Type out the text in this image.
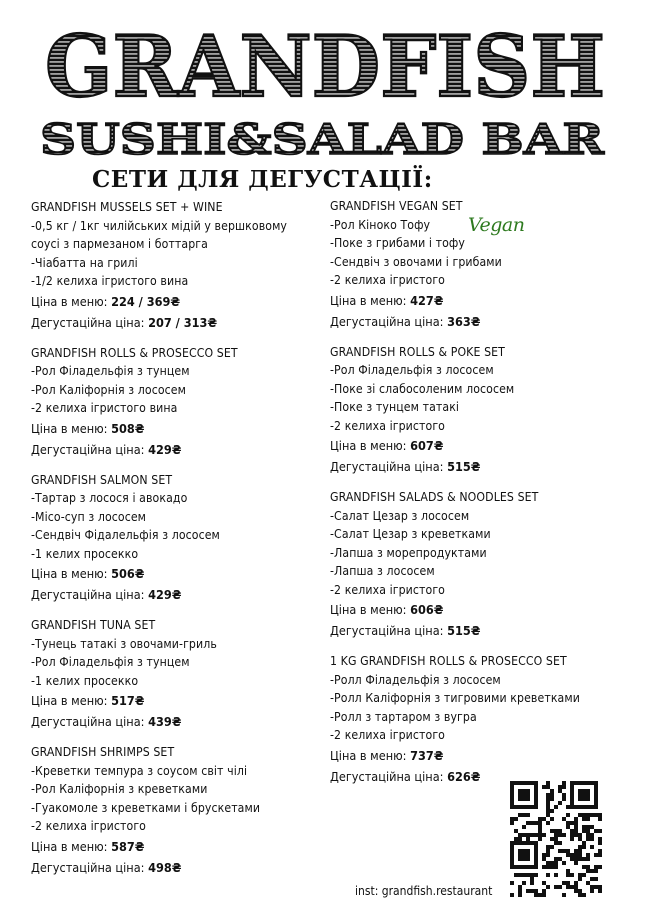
GRANDFISH
SUSHI&SALAD BAR
СЕТИ ДЛЯ ДЕГУСТАЦІЇ:
GRANDFISH MUSSELS SET + WINE
-0,5 кг / 1кг чилійських мідій у вершковому
соусі з пармезаном і боттарга
-Чіабатта на грилі
-1/2 келиха ігристого вина
Ціна в меню: 224 / 369₴
Дегустаційна ціна: 207 / 313₴
GRANDFISH ROLLS & PROSECCO SET
-Рол Філадельфія з тунцем
-Рол Каліфорнія з лососем
-2 келиха ігристого вина
Ціна в меню: 508₴
Дегустаційна ціна: 429₴
GRANDFISH SALMON SET
-Тартар з лосося і авокадо
-Місо-суп з лососем
-Сендвіч Фідалельфія з лососем
-1 келих просекко
Ціна в меню: 506₴
Дегустаційна ціна: 429₴
GRANDFISH TUNA SET
-Тунець татакі з овочами-гриль
-Рол Філадельфія з тунцем
-1 келих просекко
Ціна в меню: 517₴
Дегустаційна ціна: 439₴
GRANDFISH SHRIMPS SET
-Креветки темпура з соусом світ чілі
-Рол Каліфорнія з креветками
-Гуакомоле з креветками і брускетами
-2 келиха ігристого
Ціна в меню: 587₴
Дегустаційна ціна: 498₴
GRANDFISH VEGAN SET
-Рол Кіноко Тофу
-Поке з грибами і тофу
-Сендвіч з овочами і грибами
-2 келиха ігристого
Ціна в меню: 427₴
Дегустаційна ціна: 363₴
GRANDFISH ROLLS & POKE SET
-Рол Філадельфія з лососем
-Поке зі слабосоленим лососем
-Поке з тунцем татакі
-2 келиха ігристого
Ціна в меню: 607₴
Дегустаційна ціна: 515₴
GRANDFISH SALADS & NOODLES SET
-Салат Цезар з лососем
-Салат Цезар з креветками
-Лапша з морепродуктами
-Лапша з лососем
-2 келиха ігристого
Ціна в меню: 606₴
Дегустаційна ціна: 515₴
1 KG GRANDFISH ROLLS & PROSECCO SET
-Ролл Філадельфія з лососем
-Ролл Каліфорнія з тигровими креветками
-Ролл з тартаром з вугра
-2 келиха ігристого
Ціна в меню: 737₴
Дегустаційна ціна: 626₴
Vegan
inst: grandfish.restaurant
